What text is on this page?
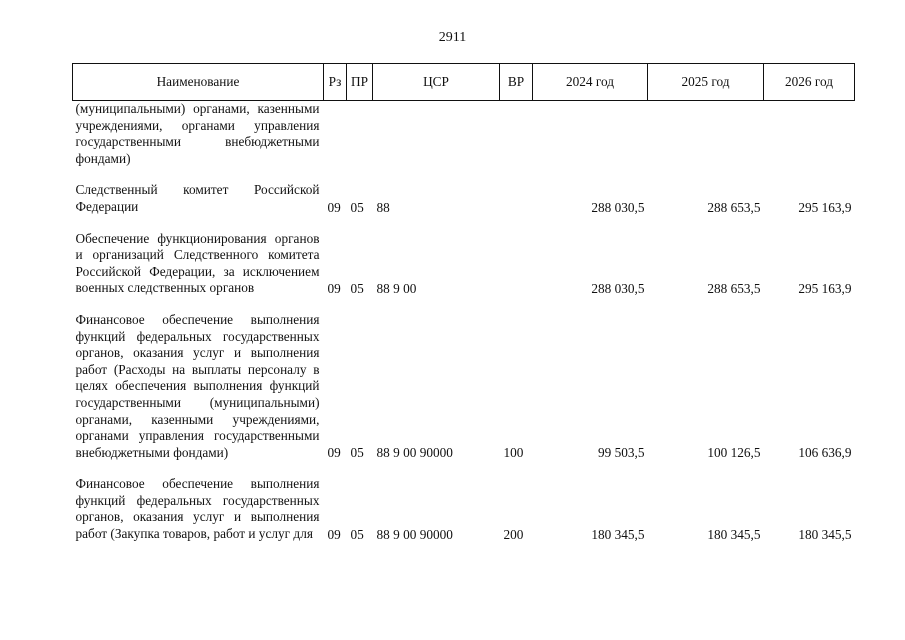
2911
Наименование	Рз	ПР	ЦСР	ВР	2024 год	2025 год	2026 год
(муниципальными) органами, казенными учреждениями, органами управления государственными внебюджетными фондами)							
Следственный комитет Российской Федерации	09	05	88		288 030,5	288 653,5	295 163,9
Обеспечение функционирования органов и организаций Следственного комитета Российской Федерации, за исключением военных следственных органов	09	05	88 9 00		288 030,5	288 653,5	295 163,9
Финансовое обеспечение выполнения функций федеральных государственных органов, оказания услуг и выполнения работ (Расходы на выплаты персоналу в целях обеспечения выполнения функций государственными (муниципальными) органами, казенными учреждениями, органами управления государственными внебюджетными фондами)	09	05	88 9 00 90000	100	99 503,5	100 126,5	106 636,9
Финансовое обеспечение выполнения функций федеральных государственных органов, оказания услуг и выполнения работ (Закупка товаров, работ и услуг для	09	05	88 9 00 90000	200	180 345,5	180 345,5	180 345,5
